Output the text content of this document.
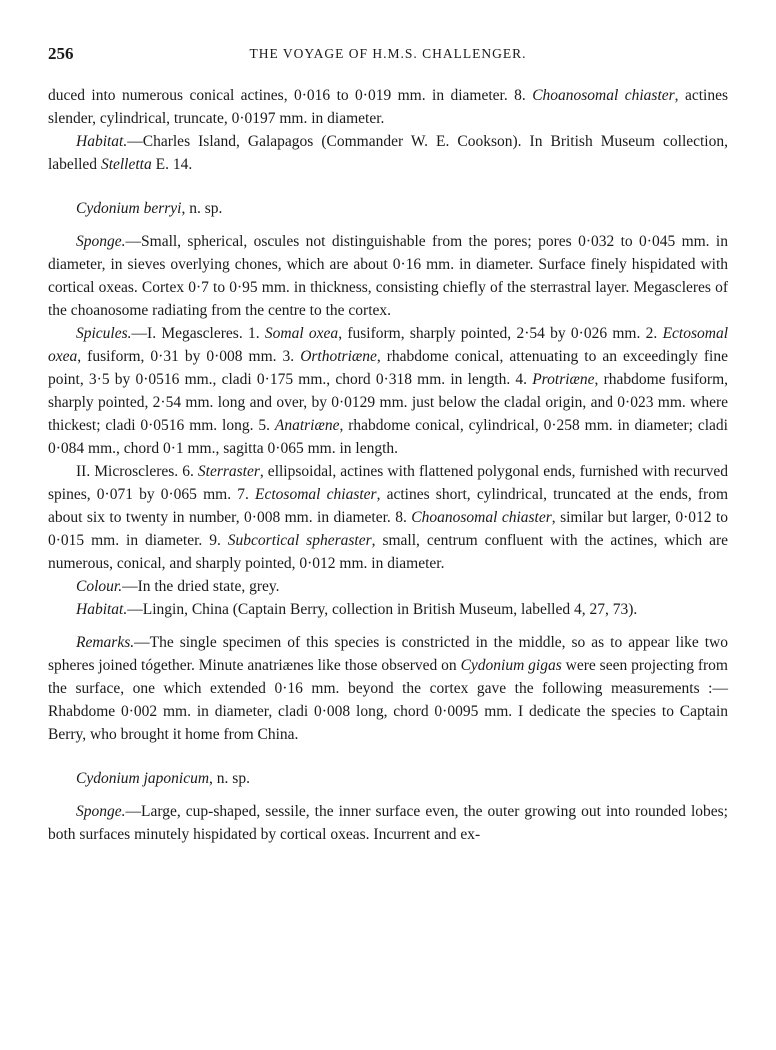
256	THE VOYAGE OF H.M.S. CHALLENGER.

duced into numerous conical actines, 0·016 to 0·019 mm. in diameter. 8. Choanosomal chiaster, actines slender, cylindrical, truncate, 0·0197 mm. in diameter.

Habitat.—Charles Island, Galapagos (Commander W. E. Cookson). In British Museum collection, labelled Stelletta E. 14.

Cydonium berryi, n. sp.

Sponge.—Small, spherical, oscules not distinguishable from the pores; pores 0·032 to 0·045 mm. in diameter, in sieves overlying chones, which are about 0·16 mm. in diameter. Surface finely hispidated with cortical oxeas. Cortex 0·7 to 0·95 mm. in thickness, consisting chiefly of the sterrastral layer. Megascleres of the choanosome radiating from the centre to the cortex.

Spicules.—I. Megascleres. 1. Somal oxea, fusiform, sharply pointed, 2·54 by 0·026 mm. 2. Ectosomal oxea, fusiform, 0·31 by 0·008 mm. 3. Orthotriæne, rhabdome conical, attenuating to an exceedingly fine point, 3·5 by 0·0516 mm., cladi 0·175 mm., chord 0·318 mm. in length. 4. Protriæne, rhabdome fusiform, sharply pointed, 2·54 mm. long and over, by 0·0129 mm. just below the cladal origin, and 0·023 mm. where thickest; cladi 0·0516 mm. long. 5. Anatriæne, rhabdome conical, cylindrical, 0·258 mm. in diameter; cladi 0·084 mm., chord 0·1 mm., sagitta 0·065 mm. in length.

II. Microscleres. 6. Sterraster, ellipsoidal, actines with flattened polygonal ends, furnished with recurved spines, 0·071 by 0·065 mm. 7. Ectosomal chiaster, actines short, cylindrical, truncated at the ends, from about six to twenty in number, 0·008 mm. in diameter. 8. Choanosomal chiaster, similar but larger, 0·012 to 0·015 mm. in diameter. 9. Subcortical spheraster, small, centrum confluent with the actines, which are numerous, conical, and sharply pointed, 0·012 mm. in diameter.

Colour.—In the dried state, grey.

Habitat.—Lingin, China (Captain Berry, collection in British Museum, labelled 4, 27, 73).

Remarks.—The single specimen of this species is constricted in the middle, so as to appear like two spheres joined tógether. Minute anatriænes like those observed on Cydonium gigas were seen projecting from the surface, one which extended 0·16 mm. beyond the cortex gave the following measurements :—Rhabdome 0·002 mm. in diameter, cladi 0·008 long, chord 0·0095 mm. I dedicate the species to Captain Berry, who brought it home from China.

Cydonium japonicum, n. sp.

Sponge.—Large, cup-shaped, sessile, the inner surface even, the outer growing out into rounded lobes; both surfaces minutely hispidated by cortical oxeas. Incurrent and ex-
